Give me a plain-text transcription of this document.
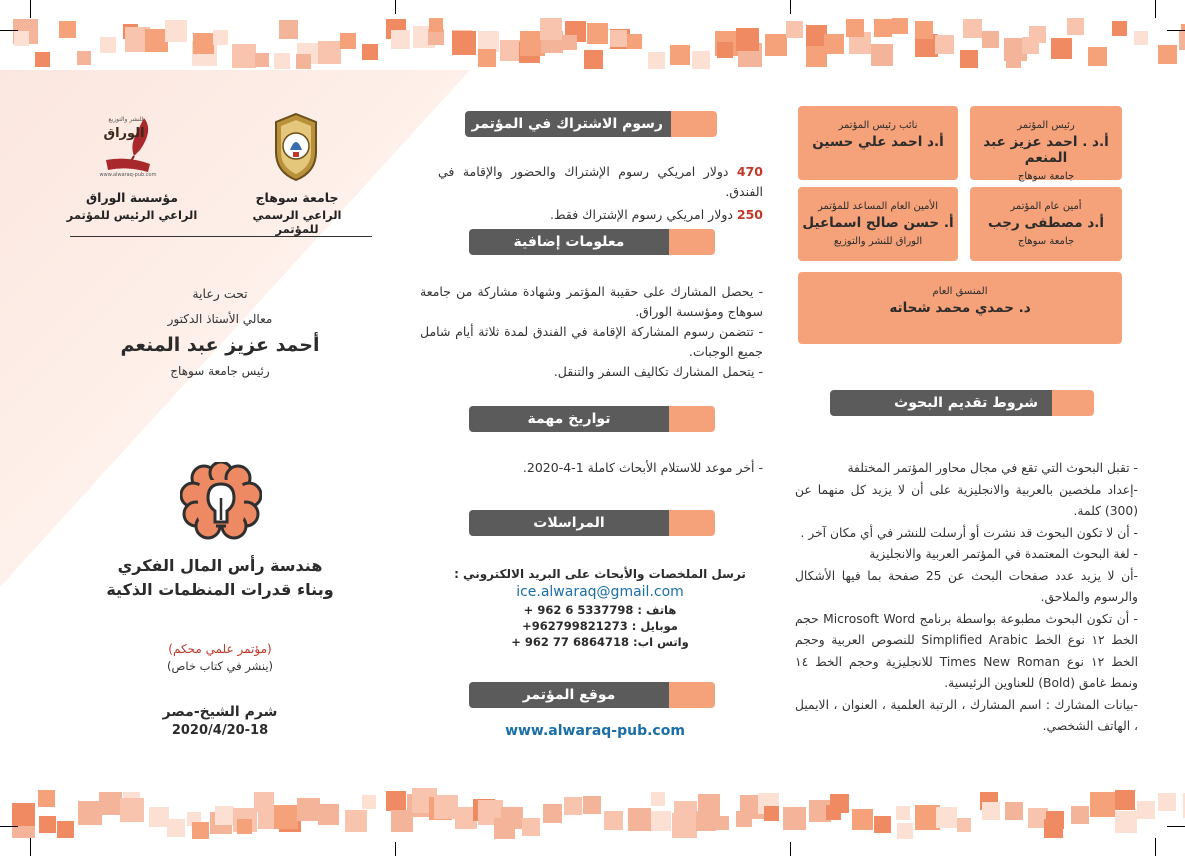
جامعة سوهاج
الراعي الرسمي للمؤتمر
للنشر والتوزيع
الوراق
www.alwaraq-pub.com
مؤسسة الوراق
الراعي الرئيس للمؤتمر
تحت رعاية
معالي الأستاذ الدكتور
أحمد عزيز عبد المنعم
رئيس جامعة سوهاج
هندسة رأس المال الفكري
وبناء قدرات المنظمات الذكية
(مؤتمر علمي محكم)
(ينشر في كتاب خاص)
شرم الشيخ-مصر
2020/4/20-18
رسوم الاشتراك في المؤتمر

470 دولار امريكي رسوم الإشتراك والحضور والإقامة في الفندق.

250 دولار امريكي رسوم الإشتراك فقط.

معلومات إضافية

- يحصل المشارك على حقيبة المؤتمر وشهادة مشاركة من جامعة سوهاج ومؤسسة الوراق.

- تتضمن رسوم المشاركة الإقامة في الفندق لمدة ثلاثة أيام شامل جميع الوجبات.

- يتحمل المشارك تكاليف السفر والتنقل.

تواريخ مهمة
- أخر موعد للاستلام الأبحاث كاملة 1-4-2020.
المراسلات
ترسل الملخصات والأبحاث على البريد الالكتروني :
ice.alwaraq@gmail.com
هاتف : 5337798 6 962 +
موبايل : 962799821273+
واتس اب: 6864718 77 962 +
موقع المؤتمر
www.alwaraq-pub.com
رئيس المؤتمر
أ.د . احمد عزيز عبد المنعم
جامعة سوهاج
نائب رئيس المؤتمر
أ.د احمد علي حسين
أمين عام المؤتمر
أ.د مصطفى رجب
جامعة سوهاج
الأمين العام المساعد للمؤتمر
أ. حسن صالح اسماعيل
الوراق للنشر والتوزيع
المنسق العام
د. حمدي محمد شحاته
شروط تقديم البحوث

- تقبل البحوث التي تقع في مجال محاور المؤتمر المختلفة

-إعداد ملخصين بالعربية والانجليزية على أن لا يزيد كل منهما عن (300) كلمة.

- أن لا تكون البحوث قد نشرت أو أرسلت للنشر في أي مكان آخر .

- لغة البحوث المعتمدة في المؤتمر العربية والانجليزية

-أن لا يزيد عدد صفحات البحث عن 25 صفحة بما فيها الأشكال والرسوم والملاحق.

- أن تكون البحوث مطبوعة بواسطة برنامج Microsoft Word حجم الخط ١٢ نوع الخط Simplified Arabic للنصوص العربية وحجم الخط ١٢ نوع Times New Roman للانجليزية وحجم الخط ١٤ ونمط غامق (Bold) للعناوين الرئيسية.

-بيانات المشارك : اسم المشارك ، الرتبة العلمية ، العنوان ، الايميل ، الهاتف الشخصي.
